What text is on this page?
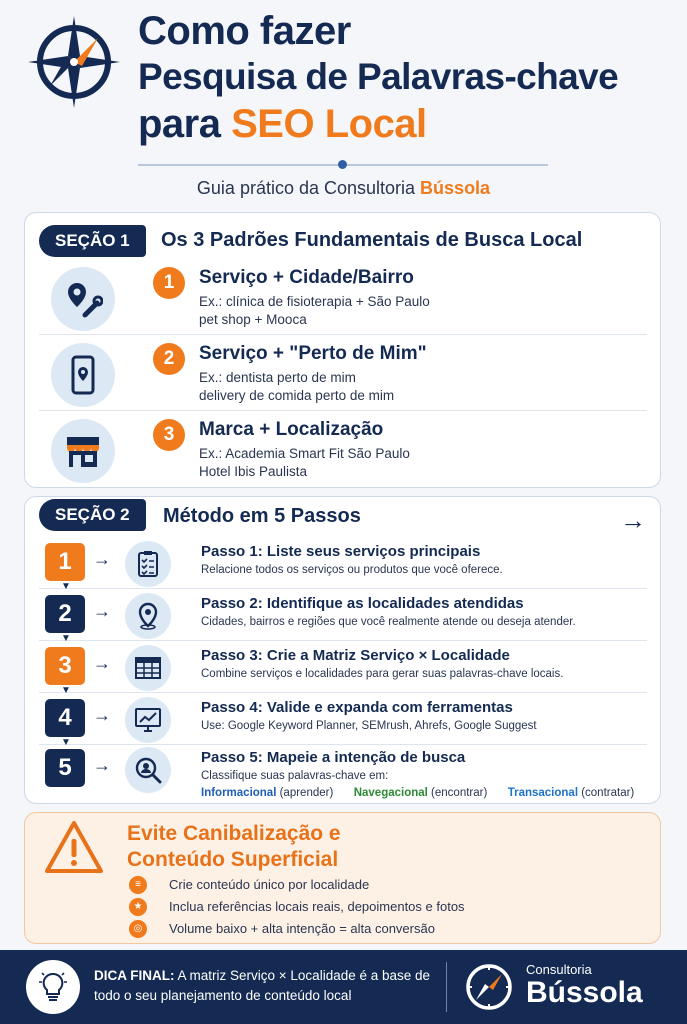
Como fazer
Pesquisa de Palavras-chave
para SEO Local
Guia prático da Consultoria Bússola
SEÇÃO 1	Os 3 Padrões Fundamentais de Busca Local
1	Serviço + Cidade/Bairro
Ex.: clínica de fisioterapia + São Paulo
pet shop + Mooca
2	Serviço + "Perto de Mim"
Ex.: dentista perto de mim
delivery de comida perto de mim
3	Marca + Localização
Ex.: Academia Smart Fit São Paulo
Hotel Ibis Paulista
SEÇÃO 2	Método em 5 Passos	→
1
▼
→	Passo 1: Liste seus serviços principais
Relacione todos os serviços ou produtos que você oferece.
2
▼
→	Passo 2: Identifique as localidades atendidas
Cidades, bairros e regiões que você realmente atende ou deseja atender.
3
▼
→	Passo 3: Crie a Matriz Serviço × Localidade
Combine serviços e localidades para gerar suas palavras-chave locais.
4
▼
→	Passo 4: Valide e expanda com ferramentas
Use: Google Keyword Planner, SEMrush, Ahrefs, Google Suggest
5	→	Passo 5: Mapeie a intenção de busca
Classifique suas palavras-chave em:
Informacional (aprender) Navegacional (encontrar) Transacional (contratar)
Evite Canibalização e
Conteúdo Superficial
≡	Crie conteúdo único por localidade
★	Inclua referências locais reais, depoimentos e fotos
◎	Volume baixo + alta intenção = alta conversão
DICA FINAL: A matriz Serviço × Localidade é a base de todo o seu planejamento de conteúdo local
Consultoria
Bússola
